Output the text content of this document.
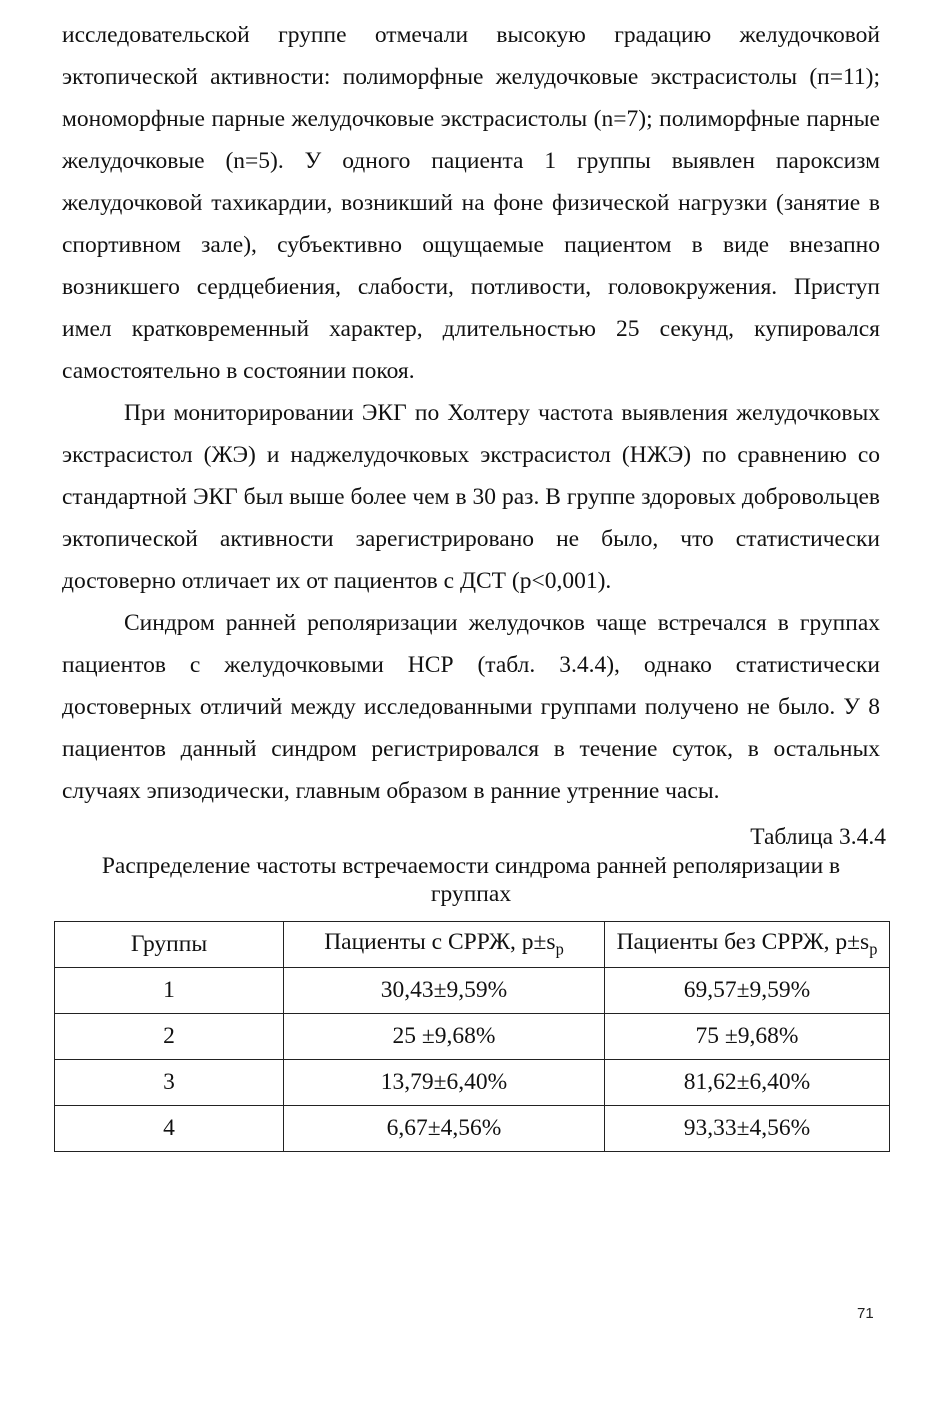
исследовательской группе отмечали высокую градацию желудочковой эктопической активности: полиморфные желудочковые экстрасистолы (п=11); мономорфные парные желудочковые экстрасистолы (n=7); полиморфные парные желудочковые (n=5). У одного пациента 1 группы выявлен пароксизм желудочковой тахикардии, возникший на фоне физической нагрузки (занятие в спортивном зале), субъективно ощущаемые пациентом в виде внезапно возникшего сердцебиения, слабости, потливости, головокружения. Приступ имел кратковременный характер, длительностью 25 секунд, купировался самостоятельно в состоянии покоя.

При мониторировании ЭКГ по Холтеру частота выявления желудочковых экстрасистол (ЖЭ) и наджелудочковых экстрасистол (НЖЭ) по сравнению со стандартной ЭКГ был выше более чем в 30 раз. В группе здоровых добровольцев эктопической активности зарегистрировано не было, что статистически достоверно отличает их от пациентов с ДСТ (p<0,001).

Синдром ранней реполяризации желудочков чаще встречался в группах пациентов с желудочковыми НСР (табл. 3.4.4), однако статистически достоверных отличий между исследованными группами получено не было. У 8 пациентов данный синдром регистрировался в течение суток, в остальных случаях эпизодически, главным образом в ранние утренние часы.

Таблица 3.4.4
Распределение частоты встречаемости синдрома ранней реполяризации в группах
Группы	Пациенты с СРРЖ, $p\pm s_p$	Пациенты без СРРЖ, $p\pm s_p$
1	30,43±9,59%	69,57±9,59%
2	25 ±9,68%	75 ±9,68%
3	13,79±6,40%	81,62±6,40%
4	6,67±4,56%	93,33±4,56%
71
